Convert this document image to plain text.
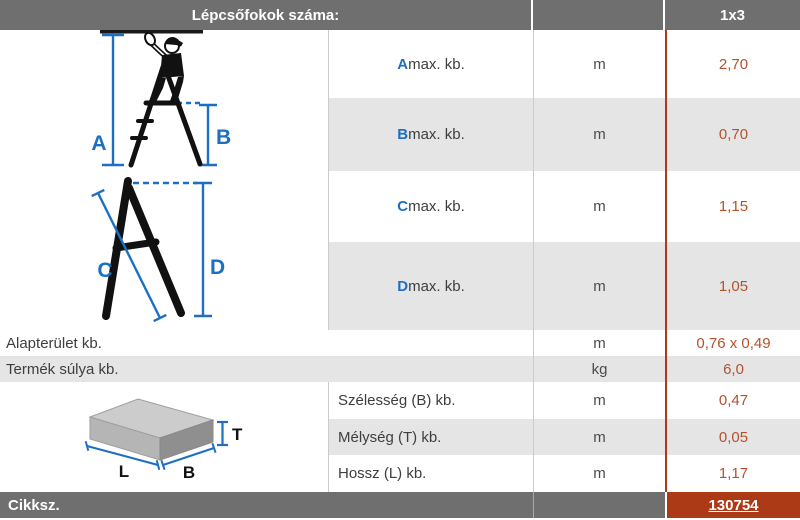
Lépcsőfokok száma:	1x3
A	B
D
C
A max. kb.	m	2,70
B max. kb.	m	0,70
C max. kb.	m	1,15
D max. kb.	m	1,05
Alapterület kb.	m	0,76 x 0,49
Termék súlya kb.	kg	6,0
T
L	B
Szélesség (B) kb.	m	0,47
Mélység (T) kb.	m	0,05
Hossz (L) kb.	m	1,17
Cikksz.	130754
